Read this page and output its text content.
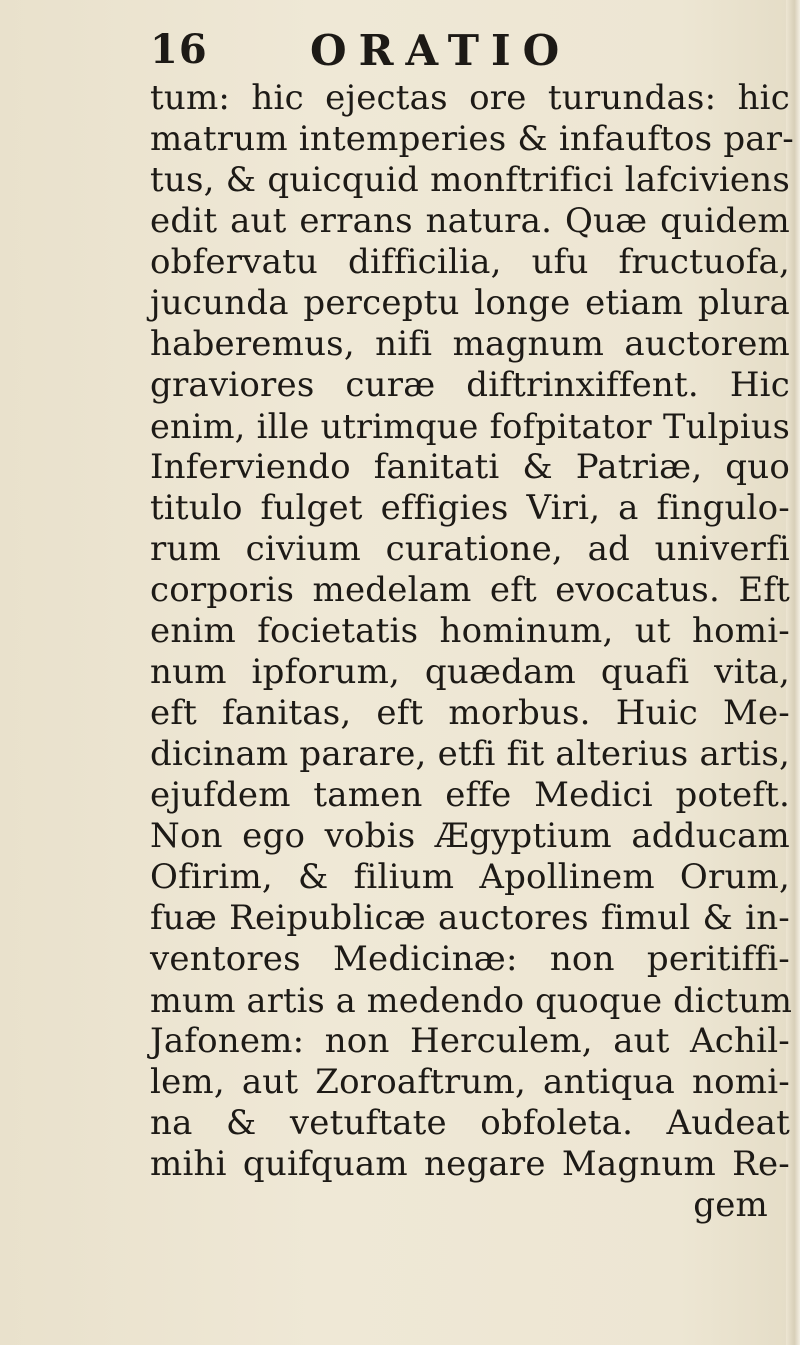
16 ORATIO
tum: hic ejectas ore turundas: hic
matrum intemperies & infauftos par-
tus, & quicquid monftrifici lafciviens
edit aut errans natura. Quæ quidem
obfervatu difficilia, ufu fructuofa,
jucunda perceptu longe etiam plura
haberemus, nifi magnum auctorem
graviores curæ diftrinxiffent. Hic
enim, ille utrimque fofpitator Tulpius
Inferviendo fanitati & Patriæ, quo
titulo fulget effigies Viri, a fingulo-
rum civium curatione, ad univerfi
corporis medelam eft evocatus. Eft
enim focietatis hominum, ut homi-
num ipforum, quædam quafi vita,
eft fanitas, eft morbus. Huic Me-
dicinam parare, etfi fit alterius artis,
ejufdem tamen effe Medici poteft.
Non ego vobis Ægyptium adducam
Ofirim, & filium Apollinem Orum,
fuæ Reipublicæ auctores fimul & in-
ventores Medicinæ: non peritiffi-
mum artis a medendo quoque dictum
Jafonem: non Herculem, aut Achil-
lem, aut Zoroaftrum, antiqua nomi-
na & vetuftate obfoleta. Audeat
mihi quifquam negare Magnum Re-
gem
